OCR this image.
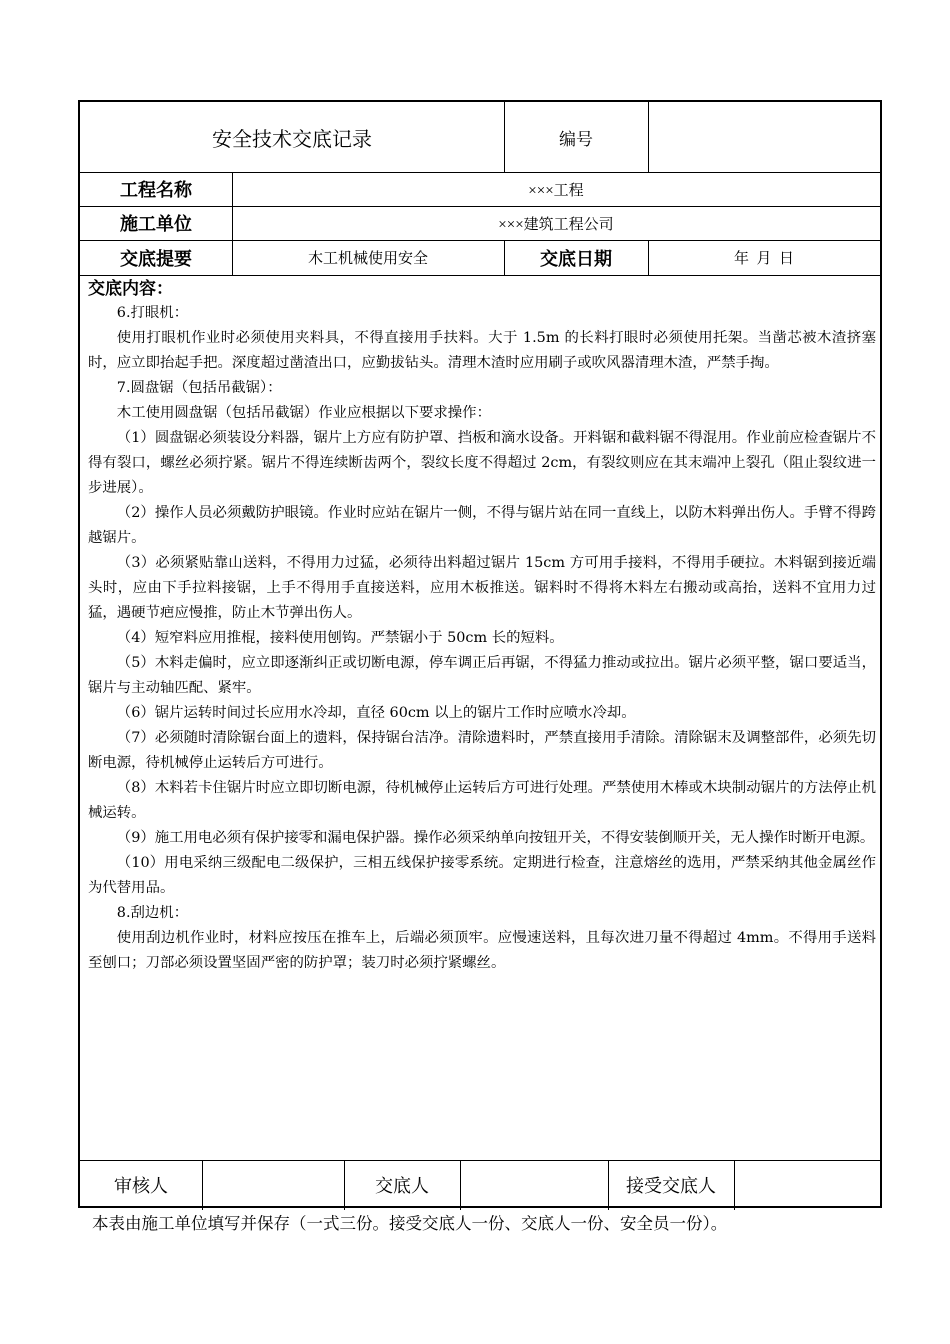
安全技术交底记录	编号
工程名称	×××工程
施工单位	×××建筑工程公司
交底提要	木工机械使用安全	交底日期	年  月  日
交底内容：

6.打眼机：

使用打眼机作业时必须使用夹料具，不得直接用手扶料。大于 1.5m 的长料打眼时必须使用托架。当凿芯被木渣挤塞时，应立即抬起手把。深度超过凿渣出口，应勤拔钻头。清理木渣时应用刷子或吹风器清理木渣，严禁手掏。

7.圆盘锯（包括吊截锯）：

木工使用圆盘锯（包括吊截锯）作业应根据以下要求操作：

（1）圆盘锯必须装设分料器，锯片上方应有防护罩、挡板和滴水设备。开料锯和截料锯不得混用。作业前应检查锯片不得有裂口，螺丝必须拧紧。锯片不得连续断齿两个，裂纹长度不得超过 2cm，有裂纹则应在其末端冲上裂孔（阻止裂纹进一步进展）。

（2）操作人员必须戴防护眼镜。作业时应站在锯片一侧，不得与锯片站在同一直线上，以防木料弹出伤人。手臂不得跨越锯片。

（3）必须紧贴靠山送料，不得用力过猛，必须待出料超过锯片 15cm 方可用手接料，不得用手硬拉。木料锯到接近端头时，应由下手拉料接锯，上手不得用手直接送料，应用木板推送。锯料时不得将木料左右搬动或高抬，送料不宜用力过猛，遇硬节疤应慢推，防止木节弹出伤人。

（4）短窄料应用推棍，接料使用刨钩。严禁锯小于 50cm 长的短料。

（5）木料走偏时，应立即逐渐纠正或切断电源，停车调正后再锯，不得猛力推动或拉出。锯片必须平整，锯口要适当，锯片与主动轴匹配、紧牢。

（6）锯片运转时间过长应用水冷却，直径 60cm 以上的锯片工作时应喷水冷却。

（7）必须随时清除锯台面上的遗料，保持锯台洁净。清除遗料时，严禁直接用手清除。清除锯末及调整部件，必须先切断电源，待机械停止运转后方可进行。

（8）木料若卡住锯片时应立即切断电源，待机械停止运转后方可进行处理。严禁使用木棒或木块制动锯片的方法停止机械运转。

（9）施工用电必须有保护接零和漏电保护器。操作必须采纳单向按钮开关，不得安装倒顺开关，无人操作时断开电源。

（10）用电采纳三级配电二级保护，三相五线保护接零系统。定期进行检查，注意熔丝的选用，严禁采纳其他金属丝作为代替用品。

8.刮边机：

使用刮边机作业时，材料应按压在推车上，后端必须顶牢。应慢速送料，且每次进刀量不得超过 4mm。不得用手送料至刨口；刀部必须设置坚固严密的防护罩；装刀时必须拧紧螺丝。

审核人	交底人	接受交底人
本表由施工单位填写并保存（一式三份。接受交底人一份、交底人一份、安全员一份）。
